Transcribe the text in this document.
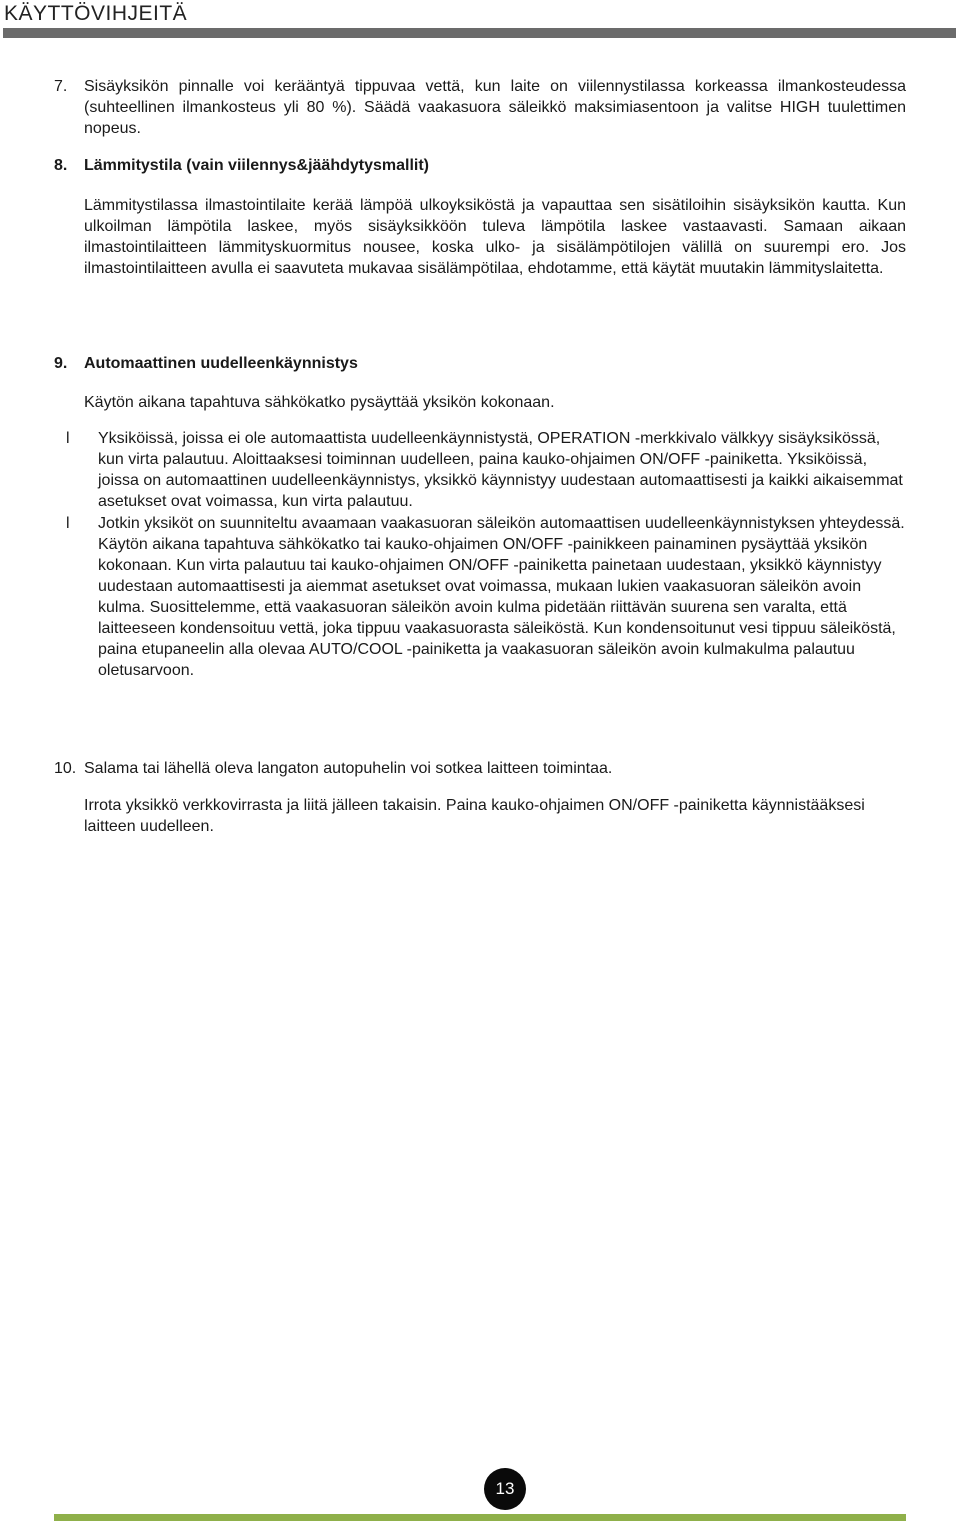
KÄYTTÖVIHJEITÄ
7. Sisäyksikön pinnalle voi kerääntyä tippuvaa vettä, kun laite on viilennystilassa korkeassa ilmankosteudessa (suhteellinen ilmankosteus yli 80 %). Säädä vaakasuora säleikkö maksimiasentoon ja valitse HIGH tuulettimen nopeus.
8. Lämmitystila (vain viilennys&jäähdytysmallit)
Lämmitystilassa ilmastointilaite kerää lämpöä ulkoyksiköstä ja vapauttaa sen sisätiloihin sisäyksikön kautta. Kun ulkoilman lämpötila laskee, myös sisäyksikköön tuleva lämpötila laskee vastaavasti. Samaan aikaan ilmastointilaitteen lämmityskuormitus nousee, koska ulko- ja sisälämpötilojen välillä on suurempi ero. Jos ilmastointilaitteen avulla ei saavuteta mukavaa sisälämpötilaa, ehdotamme, että käytät muutakin lämmityslaitetta.
9. Automaattinen uudelleenkäynnistys
Käytön aikana tapahtuva sähkökatko pysäyttää yksikön kokonaan.
l Yksiköissä, joissa ei ole automaattista uudelleenkäynnistystä, OPERATION -merkkivalo välkkyy sisäyksikössä, kun virta palautuu. Aloittaaksesi toiminnan uudelleen, paina kauko-ohjaimen ON/OFF -painiketta. Yksiköissä, joissa on automaattinen uudelleenkäynnistys, yksikkö käynnistyy uudestaan automaattisesti ja kaikki aikaisemmat asetukset ovat voimassa, kun virta palautuu.
l Jotkin yksiköt on suunniteltu avaamaan vaakasuoran säleikön automaattisen uudelleenkäynnistyksen yhteydessä. Käytön aikana tapahtuva sähkökatko tai kauko-ohjaimen ON/OFF -painikkeen painaminen pysäyttää yksikön kokonaan. Kun virta palautuu tai kauko-ohjaimen ON/OFF -painiketta painetaan uudestaan, yksikkö käynnistyy uudestaan automaattisesti ja aiemmat asetukset ovat voimassa, mukaan lukien vaakasuoran säleikön avoin kulma. Suosittelemme, että vaakasuoran säleikön avoin kulma pidetään riittävän suurena sen varalta, että laitteeseen kondensoituu vettä, joka tippuu vaakasuorasta säleiköstä. Kun kondensoitunut vesi tippuu säleiköstä, paina etupaneelin alla olevaa AUTO/COOL -painiketta ja vaakasuoran säleikön avoin kulmakulma palautuu oletusarvoon.
10. Salama tai lähellä oleva langaton autopuhelin voi sotkea laitteen toimintaa.
Irrota yksikkö verkkovirrasta ja liitä jälleen takaisin. Paina kauko-ohjaimen ON/OFF -painiketta käynnistääksesi laitteen uudelleen.
13
